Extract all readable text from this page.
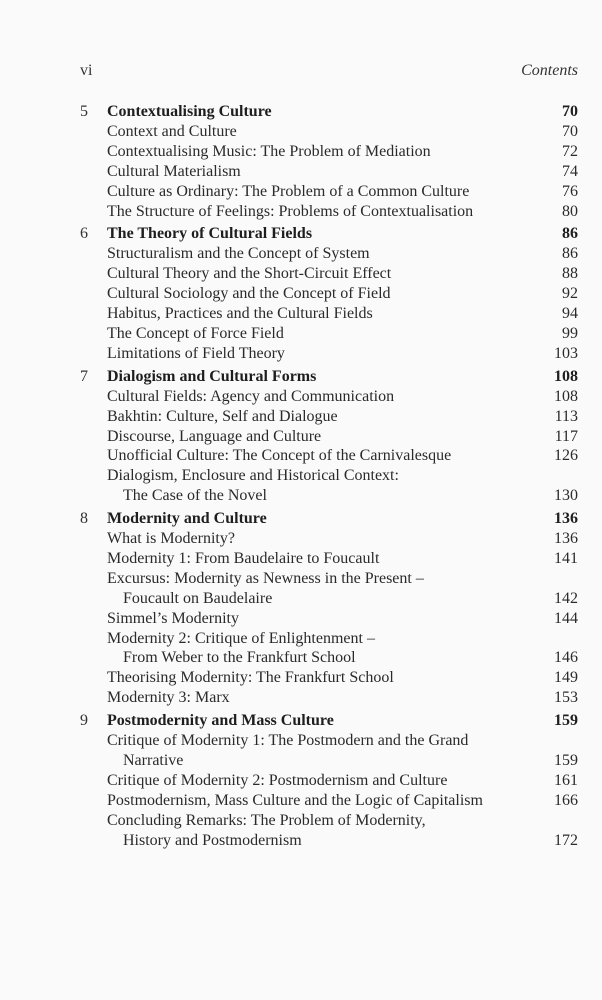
vi	Contents
5	Contextualising Culture	70
Context and Culture	70
Contextualising Music: The Problem of Mediation	72
Cultural Materialism	74
Culture as Ordinary: The Problem of a Common Culture	76
The Structure of Feelings: Problems of Contextualisation	80
6	The Theory of Cultural Fields	86
Structuralism and the Concept of System	86
Cultural Theory and the Short-Circuit Effect	88
Cultural Sociology and the Concept of Field	92
Habitus, Practices and the Cultural Fields	94
The Concept of Force Field	99
Limitations of Field Theory	103
7	Dialogism and Cultural Forms	108
Cultural Fields: Agency and Communication	108
Bakhtin: Culture, Self and Dialogue	113
Discourse, Language and Culture	117
Unofficial Culture: The Concept of the Carnivalesque	126
Dialogism, Enclosure and Historical Context:
The Case of the Novel	130
8	Modernity and Culture	136
What is Modernity?	136
Modernity 1: From Baudelaire to Foucault	141
Excursus: Modernity as Newness in the Present –
Foucault on Baudelaire	142
Simmel’s Modernity	144
Modernity 2: Critique of Enlightenment –
From Weber to the Frankfurt School	146
Theorising Modernity: The Frankfurt School	149
Modernity 3: Marx	153
9	Postmodernity and Mass Culture	159
Critique of Modernity 1: The Postmodern and the Grand
Narrative	159
Critique of Modernity 2: Postmodernism and Culture	161
Postmodernism, Mass Culture and the Logic of Capitalism	166
Concluding Remarks: The Problem of Modernity,
History and Postmodernism	172
